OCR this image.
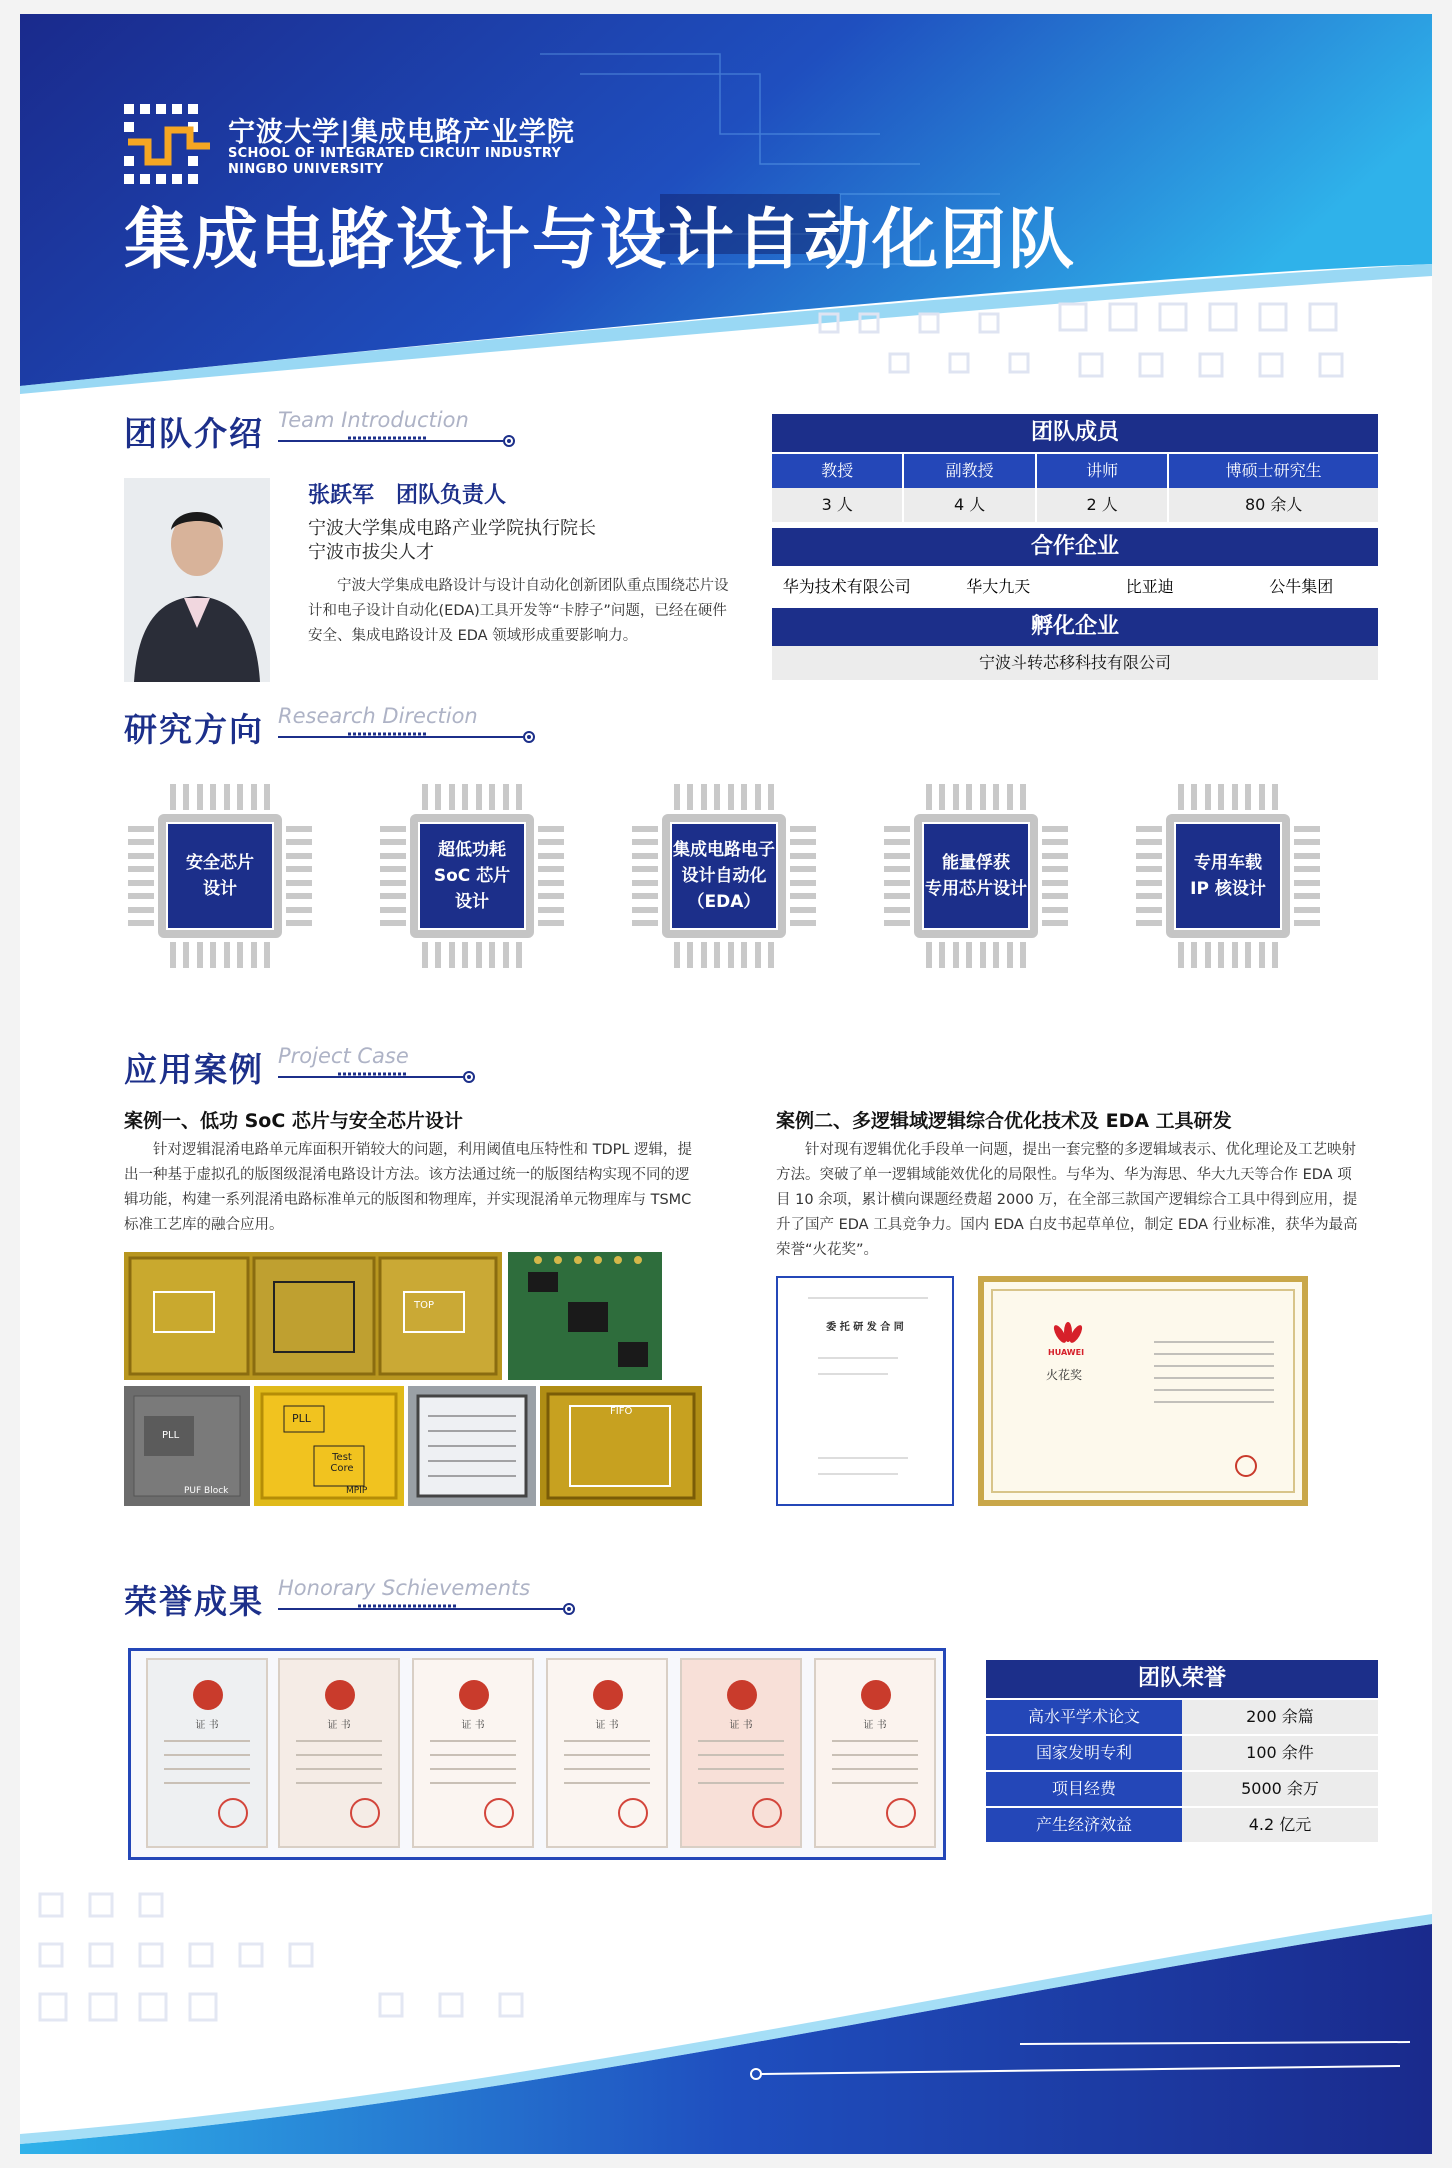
宁波大学|集成电路产业学院
SCHOOL OF INTEGRATED CIRCUIT INDUSTRY
NINGBO UNIVERSITY
集成电路设计与设计自动化团队
团队介绍 Team Introduction
张跃军　团队负责人
宁波大学集成电路产业学院执行院长
宁波市拔尖人才
宁波大学集成电路设计与设计自动化创新团队重点围绕芯片设计和电子设计自动化(EDA)工具开发等“卡脖子”问题，已经在硬件安全、集成电路设计及 EDA 领域形成重要影响力。
团队成员
教授	副教授	讲师	博硕士研究生
3 人	4 人	2 人	80 余人
合作企业
华为技术有限公司	华大九天	比亚迪	公牛集团
孵化企业
宁波斗转芯移科技有限公司
研究方向 Research Direction
安全芯片
设计
超低功耗
SoC 芯片
设计
集成电路电子
设计自动化
（EDA）
能量俘获
专用芯片设计
专用车载
IP 核设计
应用案例 Project Case
案例一、低功 SoC 芯片与安全芯片设计
针对逻辑混淆电路单元库面积开销较大的问题，利用阈值电压特性和 TDPL 逻辑，提出一种基于虚拟孔的版图级混淆电路设计方法。该方法通过统一的版图结构实现不同的逻辑功能，构建一系列混淆电路标准单元的版图和物理库，并实现混淆单元物理库与 TSMC 标准工艺库的融合应用。
案例二、多逻辑域逻辑综合优化技术及 EDA 工具研发
针对现有逻辑优化手段单一问题，提出一套完整的多逻辑域表示、优化理论及工艺映射方法。突破了单一逻辑域能效优化的局限性。与华为、华为海思、华大九天等合作 EDA 项目 10 余项，累计横向课题经费超 2000 万，在全部三款国产逻辑综合工具中得到应用，提升了国产 EDA 工具竞争力。国内 EDA 白皮书起草单位，制定 EDA 行业标准，获华为最高荣誉“火花奖”。
TOP
PLL
PUF Block
PLL
Test Core
MPIP
FIFO
委 托 研 发 合 同
HUAWEI
火花奖
荣誉成果 Honorary Schievements
证 书	证 书	证 书	证 书	证 书	证 书
团队荣誉
高水平学术论文	200 余篇
国家发明专利	100 余件
项目经费	5000 余万
产生经济效益	4.2 亿元
